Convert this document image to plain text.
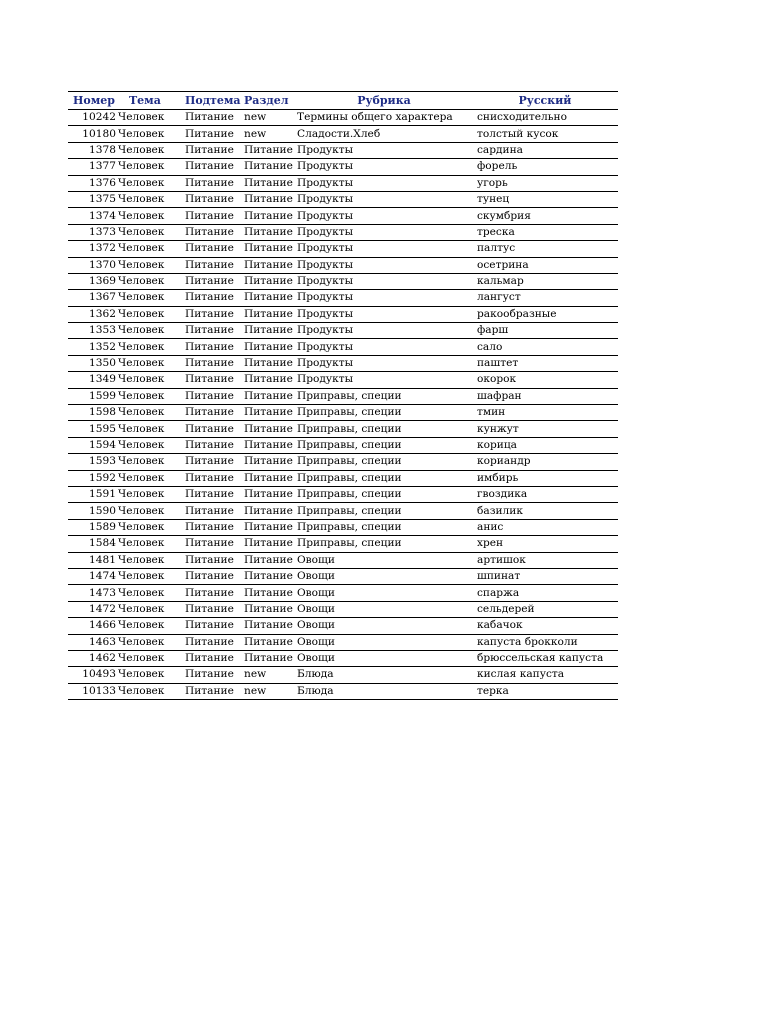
Номер	Тема	Подтема	Раздел	Рубрика	Русский
10242	Человек	Питание	new	Термины общего характера	снисходительно
10180	Человек	Питание	new	Сладости.Хлеб	толстый кусок
1378	Человек	Питание	Питание	Продукты	сардина
1377	Человек	Питание	Питание	Продукты	форель
1376	Человек	Питание	Питание	Продукты	угорь
1375	Человек	Питание	Питание	Продукты	тунец
1374	Человек	Питание	Питание	Продукты	скумбрия
1373	Человек	Питание	Питание	Продукты	треска
1372	Человек	Питание	Питание	Продукты	палтус
1370	Человек	Питание	Питание	Продукты	осетрина
1369	Человек	Питание	Питание	Продукты	кальмар
1367	Человек	Питание	Питание	Продукты	лангуст
1362	Человек	Питание	Питание	Продукты	ракообразные
1353	Человек	Питание	Питание	Продукты	фарш
1352	Человек	Питание	Питание	Продукты	сало
1350	Человек	Питание	Питание	Продукты	паштет
1349	Человек	Питание	Питание	Продукты	окорок
1599	Человек	Питание	Питание	Приправы, специи	шафран
1598	Человек	Питание	Питание	Приправы, специи	тмин
1595	Человек	Питание	Питание	Приправы, специи	кунжут
1594	Человек	Питание	Питание	Приправы, специи	корица
1593	Человек	Питание	Питание	Приправы, специи	кориандр
1592	Человек	Питание	Питание	Приправы, специи	имбирь
1591	Человек	Питание	Питание	Приправы, специи	гвоздика
1590	Человек	Питание	Питание	Приправы, специи	базилик
1589	Человек	Питание	Питание	Приправы, специи	анис
1584	Человек	Питание	Питание	Приправы, специи	хрен
1481	Человек	Питание	Питание	Овощи	артишок
1474	Человек	Питание	Питание	Овощи	шпинат
1473	Человек	Питание	Питание	Овощи	спаржа
1472	Человек	Питание	Питание	Овощи	сельдерей
1466	Человек	Питание	Питание	Овощи	кабачок
1463	Человек	Питание	Питание	Овощи	капуста брокколи
1462	Человек	Питание	Питание	Овощи	брюссельская капуста
10493	Человек	Питание	new	Блюда	кислая капуста
10133	Человек	Питание	new	Блюда	терка
